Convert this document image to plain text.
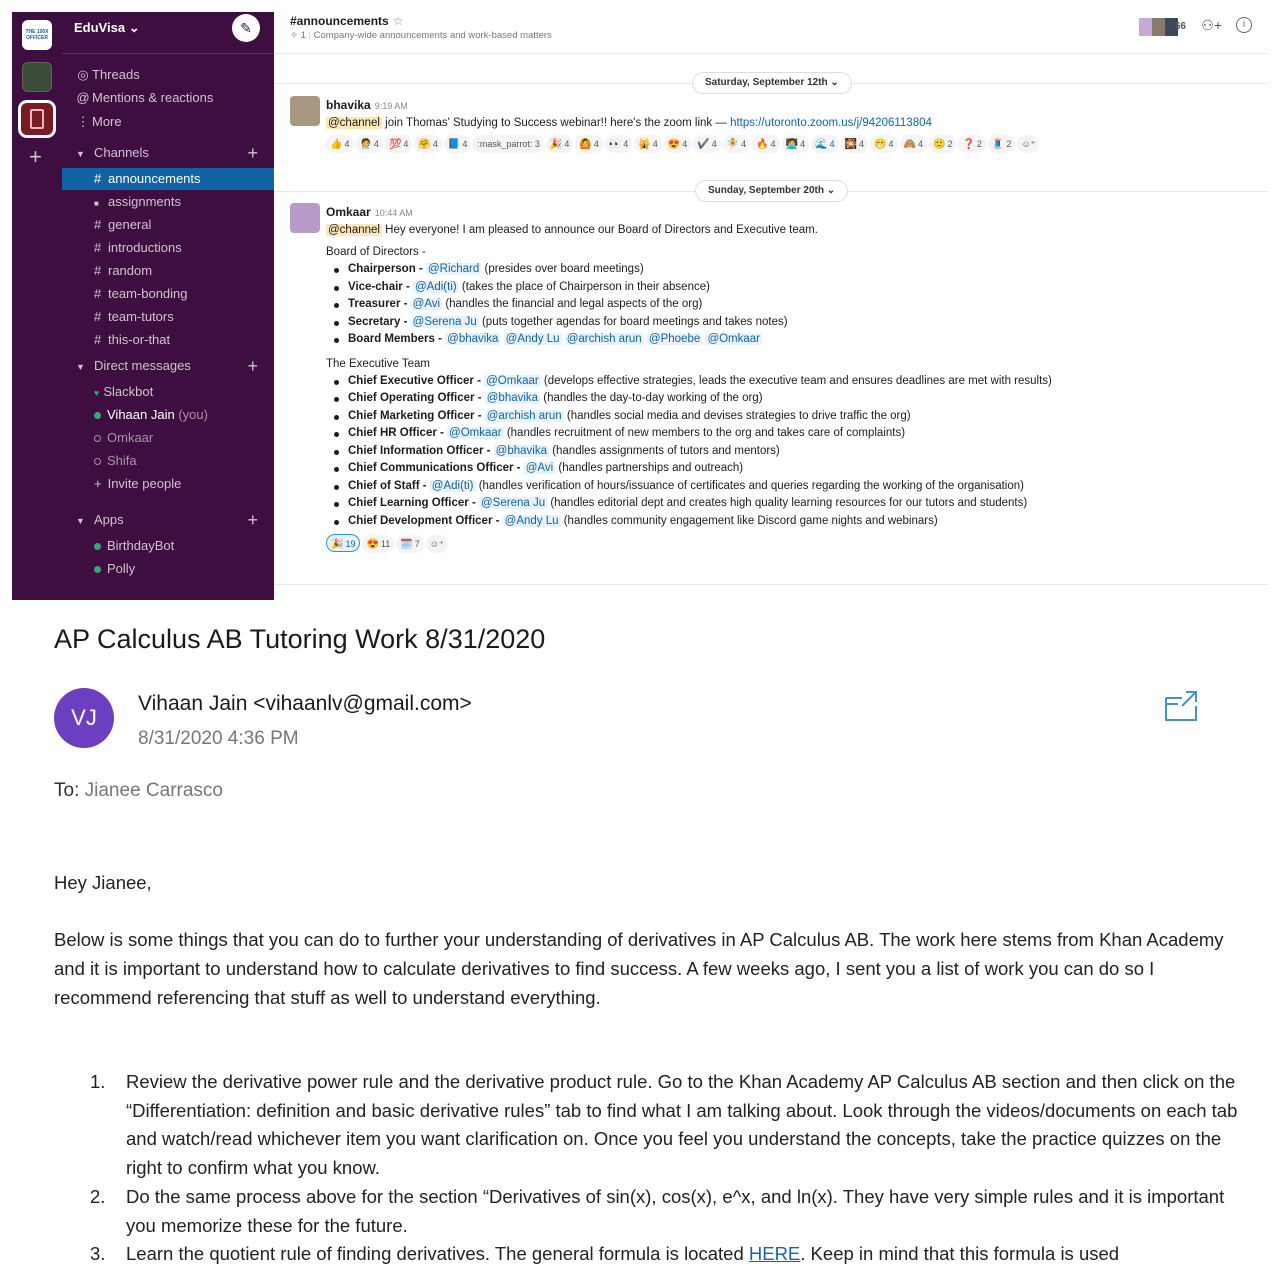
THE 100X OFFICER
+
EduVisa ⌄	✎
◎ Threads
@ Mentions & reactions
⋮ More
▼ Channels	+
# announcements
■ assignments
# general
# introductions
# random
# team-bonding
# team-tutors
# this-or-that
▼ Direct messages	+
♥ Slackbot
Vihaan Jain (you)
Omkaar
Shifa
+ Invite people
▼ Apps	+
BirthdayBot
Polly
#announcements ☆
✧ 1 | Company-wide announcements and work-based matters
66 ⚇+	i
Saturday, September 12th ⌄
bhavika 9:19 AM
@channel join Thomas' Studying to Success webinar!! here's the zoom link — https://utoronto.zoom.us/j/94206113804
👍 4 🧑‍⚕️ 4 💯 4 🤗 4 📘 4 :mask_parrot: 3 🎉 4 🙆 4 👀 4 🙀 4 😍 4 ✔️ 4 🧚 4 🔥 4 🧑‍💻 4 🌊 4 🎇 4 😁 4 🙈 4 🙂 2 ❓ 2 🧵 2 ☺⁺
Sunday, September 20th ⌄
Omkaar 10:44 AM
@channel Hey everyone! I am pleased to announce our Board of Directors and Executive team.
Board of Directors -
Chairperson - @Richard (presides over board meetings)
Vice-chair - @Adi(ti) (takes the place of Chairperson in their absence)
Treasurer - @Avi (handles the financial and legal aspects of the org)
Secretary - @Serena Ju (puts together agendas for board meetings and takes notes)
Board Members - @bhavika @Andy Lu @archish arun @Phoebe @Omkaar
The Executive Team
Chief Executive Officer - @Omkaar (develops effective strategies, leads the executive team and ensures deadlines are met with results)
Chief Operating Officer - @bhavika (handles the day-to-day working of the org)
Chief Marketing Officer - @archish arun (handles social media and devises strategies to drive traffic the org)
Chief HR Officer - @Omkaar (handles recruitment of new members to the org and takes care of complaints)
Chief Information Officer - @bhavika (handles assignments of tutors and mentors)
Chief Communications Officer - @Avi (handles partnerships and outreach)
Chief of Staff - @Adi(ti) (handles verification of hours/issuance of certificates and queries regarding the working of the organisation)
Chief Learning Officer - @Serena Ju (handles editorial dept and creates high quality learning resources for our tutors and students)
Chief Development Officer - @Andy Lu (handles community engagement like Discord game nights and webinars)
🎉 19 😍 11 🗓️ 7 ☺⁺
AP Calculus AB Tutoring Work 8/31/2020
VJ
Vihaan Jain <vihaanlv@gmail.com>
8/31/2020 4:36 PM
To: Jianee Carrasco
Hey Jianee,
Below is some things that you can do to further your understanding of derivatives in AP Calculus AB. The work here stems from Khan Academy and it is important to understand how to calculate derivatives to find success. A few weeks ago, I sent you a list of work you can do so I recommend referencing that stuff as well to understand everything.
1. Review the derivative power rule and the derivative product rule. Go to the Khan Academy AP Calculus AB section and then click on the “Differentiation: definition and basic derivative rules” tab to find what I am talking about. Look through the videos/documents on each tab and watch/read whichever item you want clarification on. Once you feel you understand the concepts, take the practice quizzes on the right to confirm what you know.
2. Do the same process above for the section “Derivatives of sin(x), cos(x), e^x, and ln(x). They have very simple rules and it is important you memorize these for the future.
3. Learn the quotient rule of finding derivatives. The general formula is located HERE. Keep in mind that this formula is used
